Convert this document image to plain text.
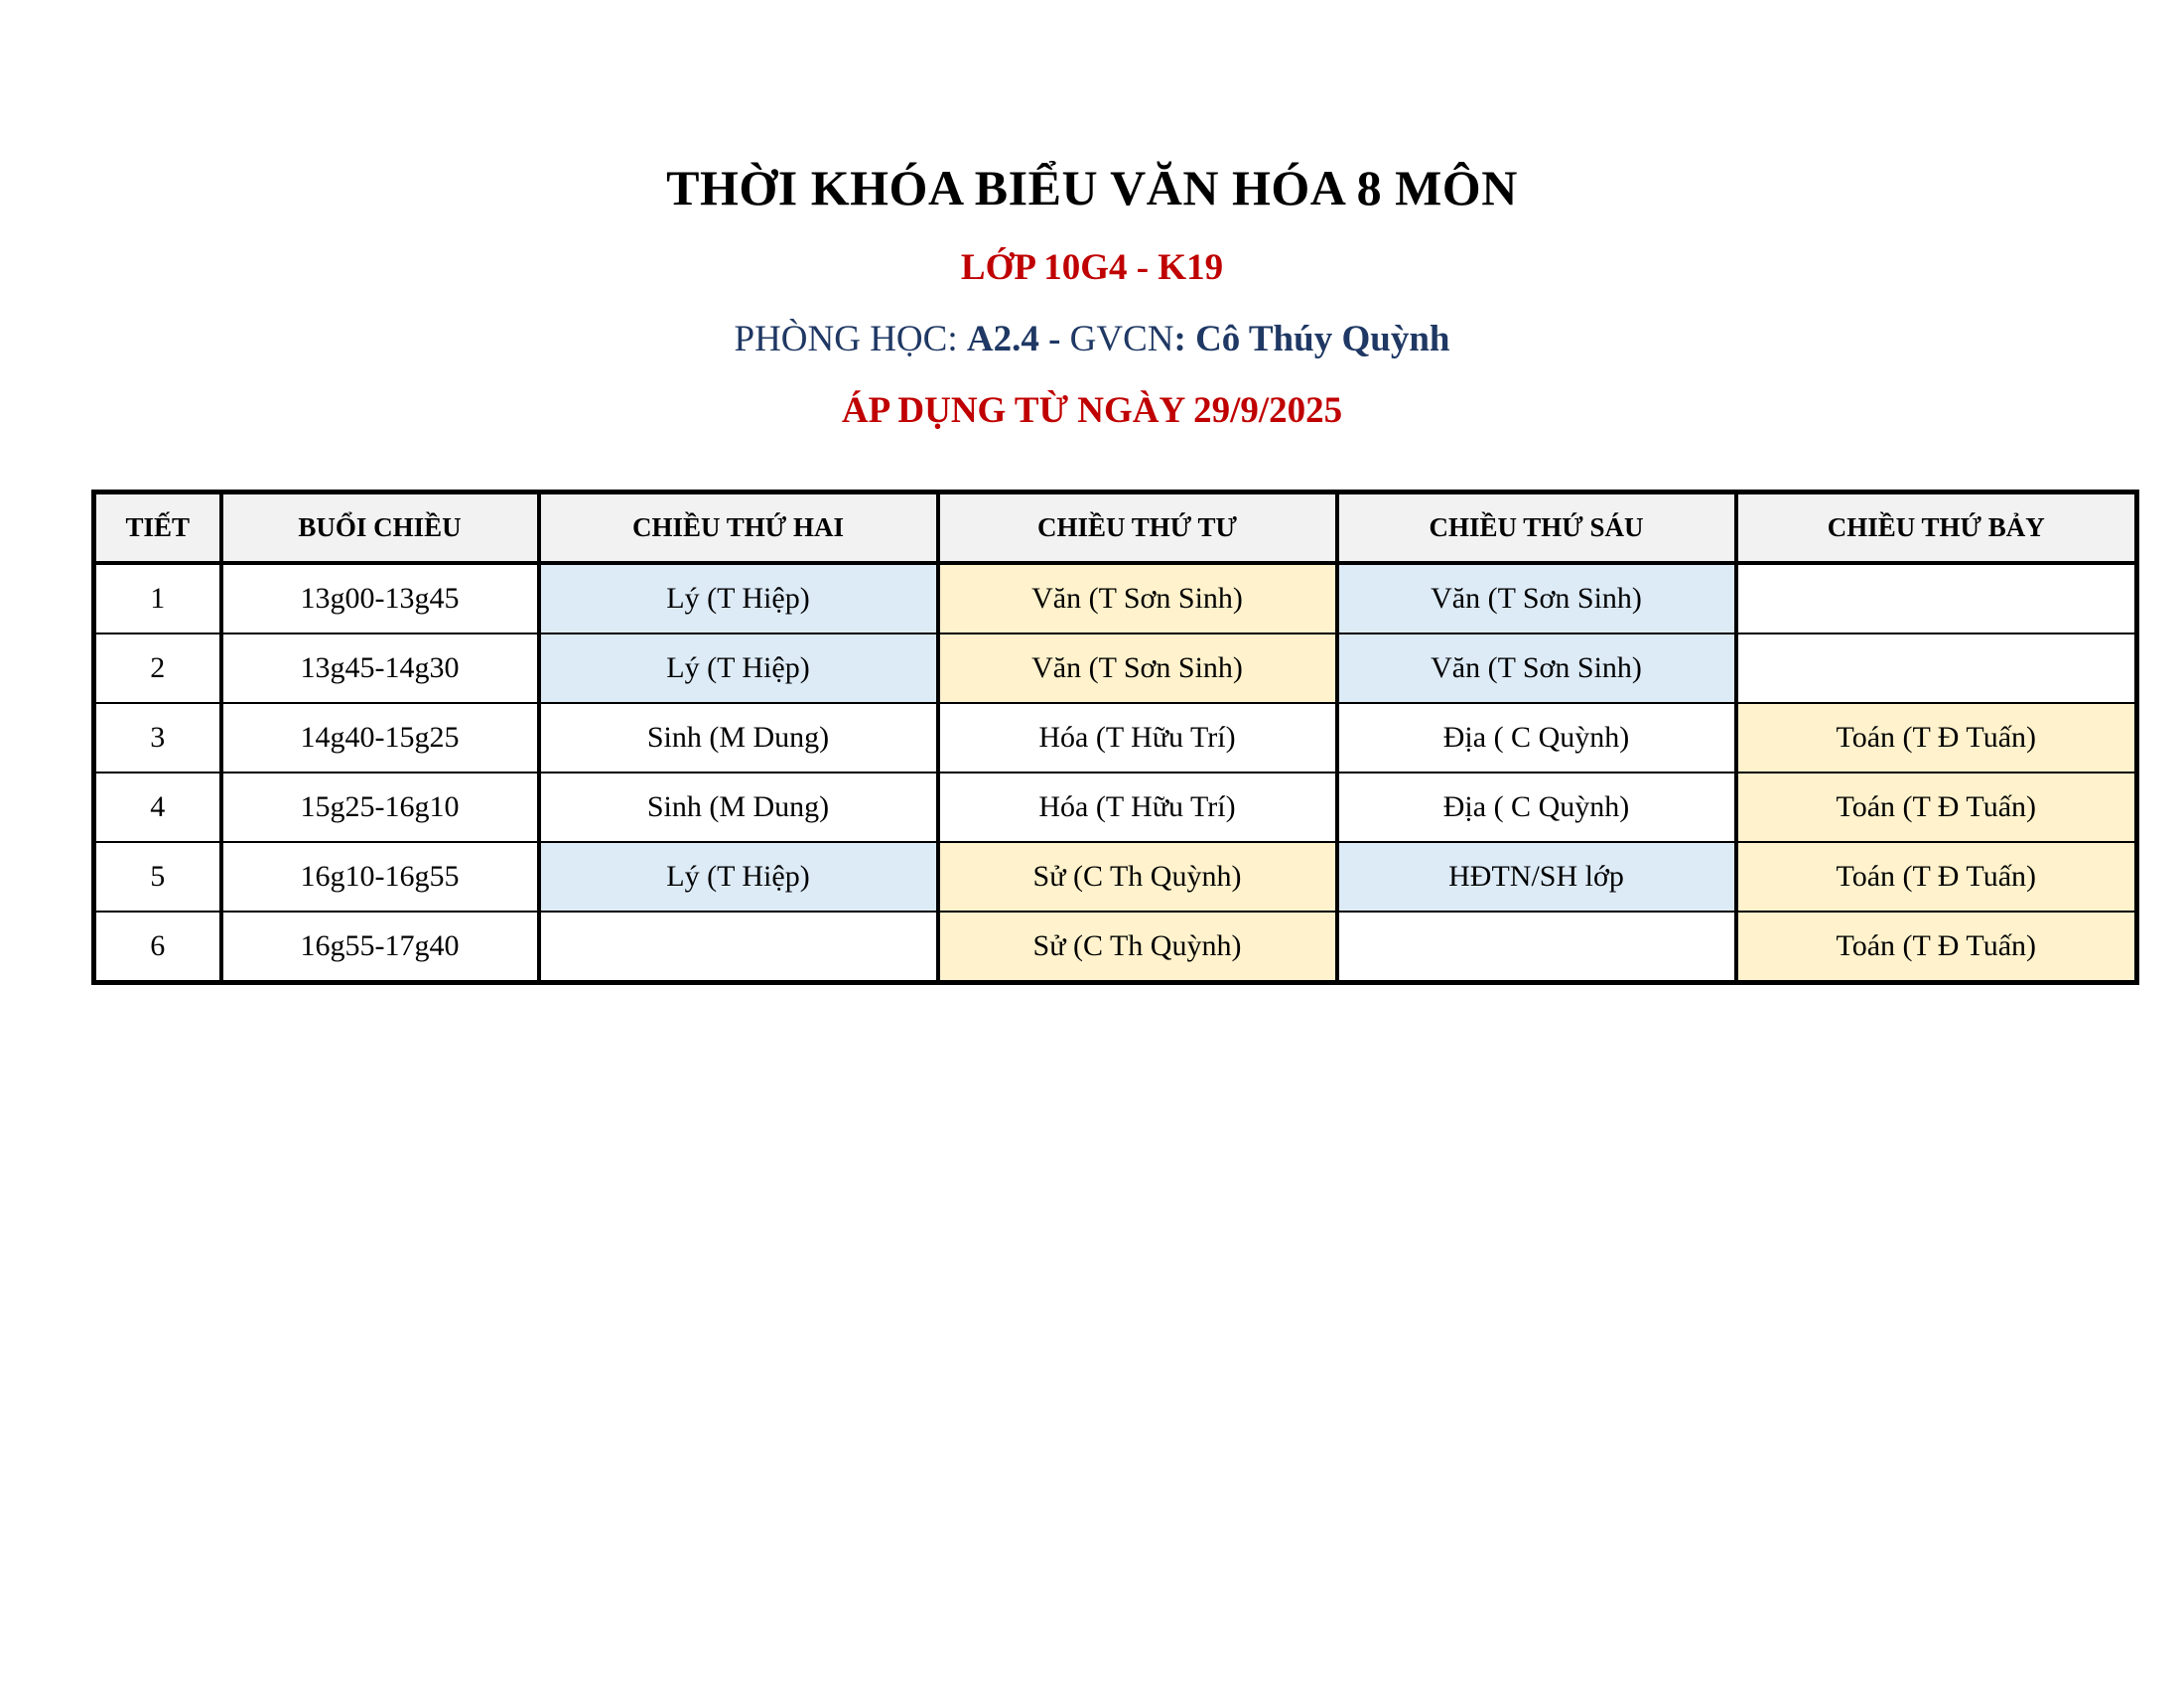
THỜI KHÓA BIỂU VĂN HÓA 8 MÔN
LỚP 10G4 - K19
PHÒNG HỌC: A2.4 - GVCN: Cô Thúy Quỳnh
ÁP DỤNG TỪ NGÀY 29/9/2025
TIẾT	BUỔI CHIỀU	CHIỀU THỨ HAI	CHIỀU THỨ TƯ	CHIỀU THỨ SÁU	CHIỀU THỨ BẢY
1	13g00-13g45	Lý (T Hiệp)	Văn (T Sơn Sinh)	Văn (T Sơn Sinh)	
2	13g45-14g30	Lý (T Hiệp)	Văn (T Sơn Sinh)	Văn (T Sơn Sinh)	
3	14g40-15g25	Sinh (M Dung)	Hóa (T Hữu Trí)	Địa ( C Quỳnh)	Toán (T Đ Tuấn)
4	15g25-16g10	Sinh (M Dung)	Hóa (T Hữu Trí)	Địa ( C Quỳnh)	Toán (T Đ Tuấn)
5	16g10-16g55	Lý (T Hiệp)	Sử (C Th Quỳnh)	HĐTN/SH lớp	Toán (T Đ Tuấn)
6	16g55-17g40		Sử (C Th Quỳnh)		Toán (T Đ Tuấn)
